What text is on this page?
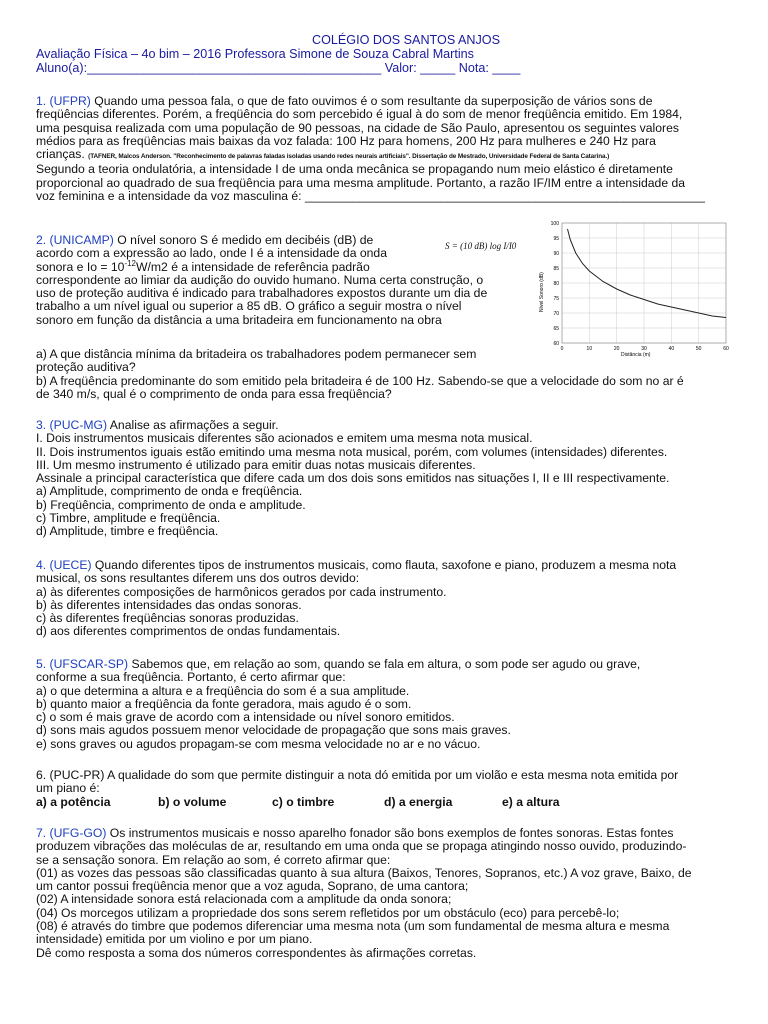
COLÉGIO DOS SANTOS ANJOS
Avaliação Física – 4o bim – 2016 Professora Simone de Souza Cabral Martins
Aluno(a):__________________________________________ Valor: _____ Nota: ____
1. (UFPR) Quando uma pessoa fala, o que de fato ouvimos é o som resultante da superposição de vários sons de
freqüências diferentes. Porém, a freqüência do som percebido é igual à do som de menor freqüência emitido. Em 1984,
uma pesquisa realizada com uma população de 90 pessoas, na cidade de São Paulo, apresentou os seguintes valores
médios para as freqüências mais baixas da voz falada: 100 Hz para homens, 200 Hz para mulheres e 240 Hz para
crianças. (TAFNER, Malcos Anderson. "Reconhecimento de palavras faladas isoladas usando redes neurais artificiais". Dissertação de Mestrado, Universidade Federal de Santa Catarina.)
Segundo a teoria ondulatória, a intensidade I de uma onda mecânica se propagando num meio elástico é diretamente
proporcional ao quadrado de sua freqüência para uma mesma amplitude. Portanto, a razão IF/IM entre a intensidade da
voz feminina e a intensidade da voz masculina é: ___________________________________________________________
2. (UNICAMP) O nível sonoro S é medido em decibéis (dB) de
acordo com a expressão ao lado, onde I é a intensidade da onda
sonora e $Io = 10^{-12}W/m2$ é a intensidade de referência padrão
correspondente ao limiar da audição do ouvido humano. Numa certa construção, o
uso de proteção auditiva é indicado para trabalhadores expostos durante um dia de
trabalho a um nível igual ou superior a 85 dB. O gráfico a seguir mostra o nível
sonoro em função da distância a uma britadeira em funcionamento na obra
S = (10 dB) log I/I0
60
65
70
75
80
85
90
95
100
0	10	20	30	40	50	60
Nível Sonoro (dB)
Distância (m)
a) A que distância mínima da britadeira os trabalhadores podem permanecer sem
proteção auditiva?
b) A freqüência predominante do som emitido pela britadeira é de 100 Hz. Sabendo-se que a velocidade do som no ar é
de 340 m/s, qual é o comprimento de onda para essa freqüência?
3. (PUC-MG) Analise as afirmações a seguir.
I. Dois instrumentos musicais diferentes são acionados e emitem uma mesma nota musical.
II. Dois instrumentos iguais estão emitindo uma mesma nota musical, porém, com volumes (intensidades) diferentes.
III. Um mesmo instrumento é utilizado para emitir duas notas musicais diferentes.
Assinale a principal característica que difere cada um dos dois sons emitidos nas situações I, II e III respectivamente.
a) Amplitude, comprimento de onda e freqüência.
b) Freqüência, comprimento de onda e amplitude.
c) Timbre, amplitude e freqüência.
d) Amplitude, timbre e freqüência.
4. (UECE) Quando diferentes tipos de instrumentos musicais, como flauta, saxofone e piano, produzem a mesma nota
musical, os sons resultantes diferem uns dos outros devido:
a) às diferentes composições de harmônicos gerados por cada instrumento.
b) às diferentes intensidades das ondas sonoras.
c) às diferentes freqüências sonoras produzidas.
d) aos diferentes comprimentos de ondas fundamentais.
5. (UFSCAR-SP) Sabemos que, em relação ao som, quando se fala em altura, o som pode ser agudo ou grave,
conforme a sua freqüência. Portanto, é certo afirmar que:
a) o que determina a altura e a freqüência do som é a sua amplitude.
b) quanto maior a freqüência da fonte geradora, mais agudo é o som.
c) o som é mais grave de acordo com a intensidade ou nível sonoro emitidos.
d) sons mais agudos possuem menor velocidade de propagação que sons mais graves.
e) sons graves ou agudos propagam-se com mesma velocidade no ar e no vácuo.
6. (PUC-PR) A qualidade do som que permite distinguir a nota dó emitida por um violão e esta mesma nota emitida por
um piano é:
a) a potência	b) o volume	c) o timbre	d) a energia	e) a altura
7. (UFG-GO) Os instrumentos musicais e nosso aparelho fonador são bons exemplos de fontes sonoras. Estas fontes
produzem vibrações das moléculas de ar, resultando em uma onda que se propaga atingindo nosso ouvido, produzindo-
se a sensação sonora. Em relação ao som, é correto afirmar que:
(01) as vozes das pessoas são classificadas quanto à sua altura (Baixos, Tenores, Sopranos, etc.) A voz grave, Baixo, de
um cantor possui freqüência menor que a voz aguda, Soprano, de uma cantora;
(02) A intensidade sonora está relacionada com a amplitude da onda sonora;
(04) Os morcegos utilizam a propriedade dos sons serem refletidos por um obstáculo (eco) para percebê-lo;
(08) é através do timbre que podemos diferenciar uma mesma nota (um som fundamental de mesma altura e mesma
intensidade) emitida por um violino e por um piano.
Dê como resposta a soma dos números correspondentes às afirmações corretas.
